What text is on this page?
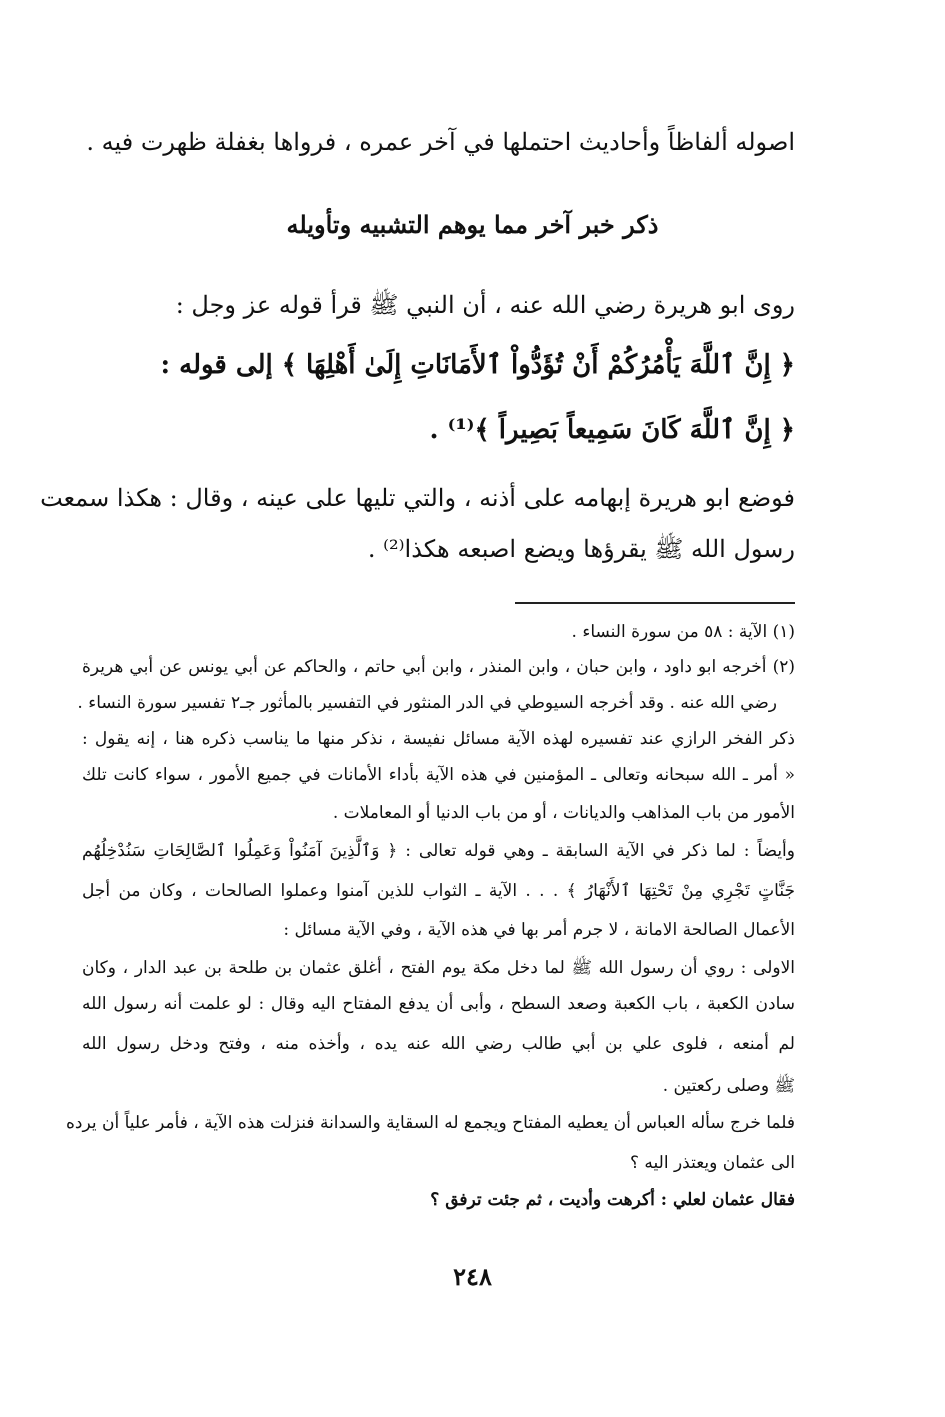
اصوله ألفاظاً وأحاديث احتملها في آخر عمره ، فرواها بغفلة ظهرت فيه .
ذكر خبر آخر مما يوهم التشبيه وتأويله
روى ابو هريرة رضي الله عنه ، أن النبي ﷺ قرأ قوله عز وجل :
﴿ إِنَّ ٱللَّهَ يَأْمُرُكُمْ أَنْ تُؤَدُّواْ ٱلأَمَانَاتِ إِلَىٰ أَهْلِهَا ﴾ إلى قوله :
﴿ إِنَّ ٱللَّهَ كَانَ سَمِيعاً بَصِيراً ﴾⁽¹⁾ .
فوضع ابو هريرة إبهامه على أذنه ، والتي تليها على عينه ، وقال : هكذا سمعت
رسول الله ﷺ يقرؤها ويضع اصبعه هكذا⁽²⁾ .
(١) الآية : ٥٨ من سورة النساء .
(٢) أخرجه ابو داود ، وابن حبان ، وابن المنذر ، وابن أبي حاتم ، والحاكم عن أبي يونس عن أبي هريرة
رضي الله عنه . وقد أخرجه السيوطي في الدر المنثور في التفسير بالمأثور جـ٢ تفسير سورة النساء .
ذكر الفخر الرازي عند تفسيره لهذه الآية مسائل نفيسة ، نذكر منها ما يناسب ذكره هنا ، إنه يقول :
« أمر ـ الله سبحانه وتعالى ـ المؤمنين في هذه الآية بأداء الأمانات في جميع الأمور ، سواء كانت تلك
الأمور من باب المذاهب والديانات ، أو من باب الدنيا أو المعاملات .
وأيضاً : لما ذكر في الآية السابقة ـ وهي قوله تعالى : ﴿ وَٱلَّذِينَ آمَنُواْ وَعَمِلُوا ٱلصَّالِحَاتِ سَنُدْخِلُهُم
جَنَّاتٍ تَجْرِي مِنْ تَحْتِهَا ٱلأَنْهَارُ ﴾ . . . الآية ـ الثواب للذين آمنوا وعملوا الصالحات ، وكان من أجل
الأعمال الصالحة الامانة ، لا جرم أمر بها في هذه الآية ، وفي الآية مسائل :
الاولى : روي أن رسول الله ﷺ لما دخل مكة يوم الفتح ، أغلق عثمان بن طلحة بن عبد الدار ، وكان
سادن الكعبة ، باب الكعبة وصعد السطح ، وأبى أن يدفع المفتاح اليه وقال : لو علمت أنه رسول الله
لم أمنعه ، فلوى علي بن أبي طالب رضي الله عنه يده ، وأخذه منه ، وفتح ودخل رسول الله
ﷺ وصلى ركعتين .
فلما خرج سأله العباس أن يعطيه المفتاح ويجمع له السقاية والسدانة فنزلت هذه الآية ، فأمر علياً أن يرده
الى عثمان ويعتذر اليه ؟
فقال عثمان لعلي : أكرهت وأديت ، ثم جئت ترفق ؟
٢٤٨
